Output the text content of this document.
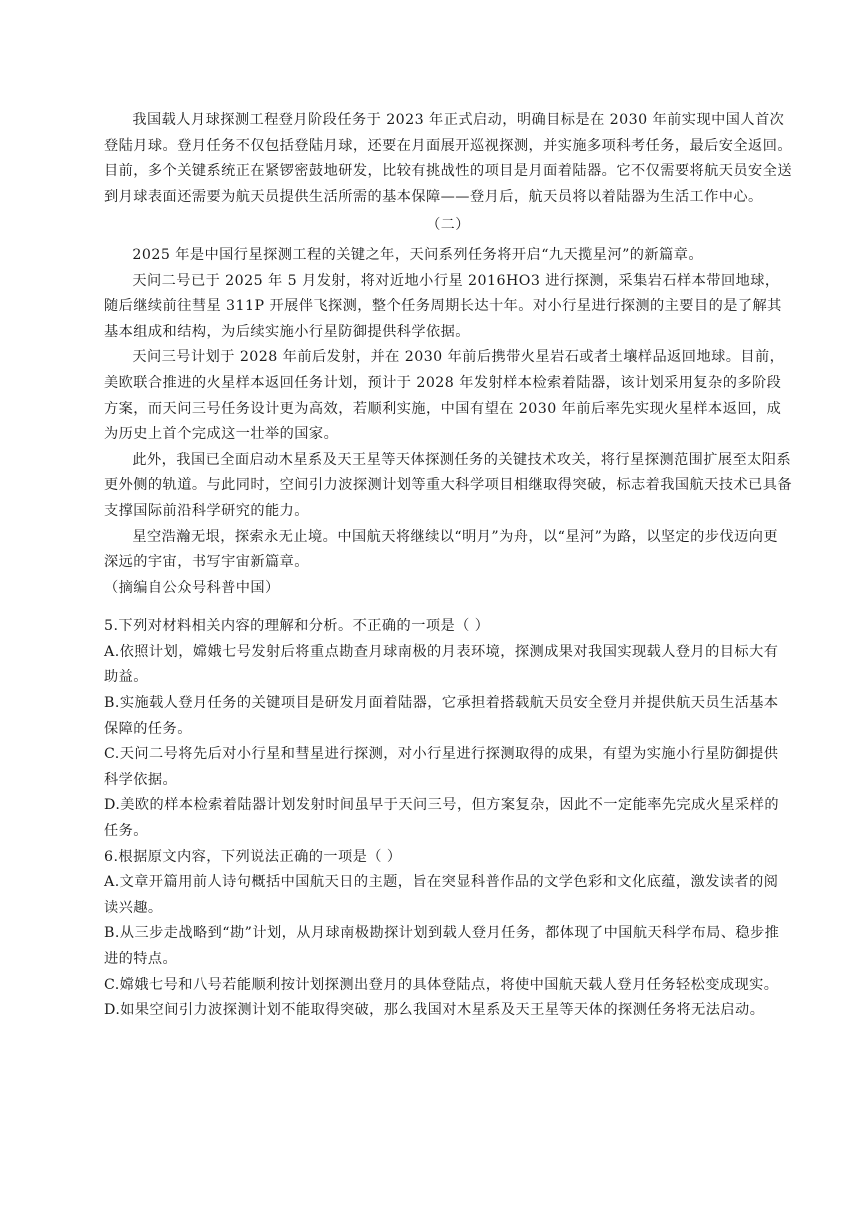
我国载人月球探测工程登月阶段任务于 2023 年正式启动，明确目标是在 2030 年前实现中国人首次登陆月球。登月任务不仅包括登陆月球，还要在月面展开巡视探测，并实施多项科考任务，最后安全返回。目前，多个关键系统正在紧锣密鼓地研发，比较有挑战性的项目是月面着陆器。它不仅需要将航天员安全送到月球表面还需要为航天员提供生活所需的基本保障——登月后，航天员将以着陆器为生活工作中心。

（二）

2025 年是中国行星探测工程的关键之年，天问系列任务将开启“九天揽星河”的新篇章。

天问二号已于 2025 年 5 月发射，将对近地小行星 2016HO3 进行探测，采集岩石样本带回地球，随后继续前往彗星 311P 开展伴飞探测，整个任务周期长达十年。对小行星进行探测的主要目的是了解其基本组成和结构，为后续实施小行星防御提供科学依据。

天问三号计划于 2028 年前后发射，并在 2030 年前后携带火星岩石或者土壤样品返回地球。目前，美欧联合推进的火星样本返回任务计划，预计于 2028 年发射样本检索着陆器，该计划采用复杂的多阶段方案，而天问三号任务设计更为高效，若顺利实施，中国有望在 2030 年前后率先实现火星样本返回，成为历史上首个完成这一壮举的国家。

此外，我国已全面启动木星系及天王星等天体探测任务的关键技术攻关，将行星探测范围扩展至太阳系更外侧的轨道。与此同时，空间引力波探测计划等重大科学项目相继取得突破，标志着我国航天技术已具备支撑国际前沿科学研究的能力。

星空浩瀚无垠，探索永无止境。中国航天将继续以“明月”为舟，以“星河”为路，以坚定的步伐迈向更深远的宇宙，书写宇宙新篇章。

（摘编自公众号科普中国）

5.下列对材料相关内容的理解和分析。不正确的一项是（ ）

A.依照计划，嫦娥七号发射后将重点勘查月球南极的月表环境，探测成果对我国实现载人登月的目标大有助益。

B.实施载人登月任务的关键项目是研发月面着陆器，它承担着搭载航天员安全登月并提供航天员生活基本保障的任务。

C.天问二号将先后对小行星和彗星进行探测，对小行星进行探测取得的成果，有望为实施小行星防御提供科学依据。

D.美欧的样本检索着陆器计划发射时间虽早于天问三号，但方案复杂，因此不一定能率先完成火星采样的任务。

6.根据原文内容，下列说法正确的一项是（ ）

A.文章开篇用前人诗句概括中国航天日的主题，旨在突显科普作品的文学色彩和文化底蕴，激发读者的阅读兴趣。

B.从三步走战略到“勘”计划，从月球南极勘探计划到载人登月任务，都体现了中国航天科学布局、稳步推进的特点。

C.嫦娥七号和八号若能顺利按计划探测出登月的具体登陆点，将使中国航天载人登月任务轻松变成现实。

D.如果空间引力波探测计划不能取得突破，那么我国对木星系及天王星等天体的探测任务将无法启动。
